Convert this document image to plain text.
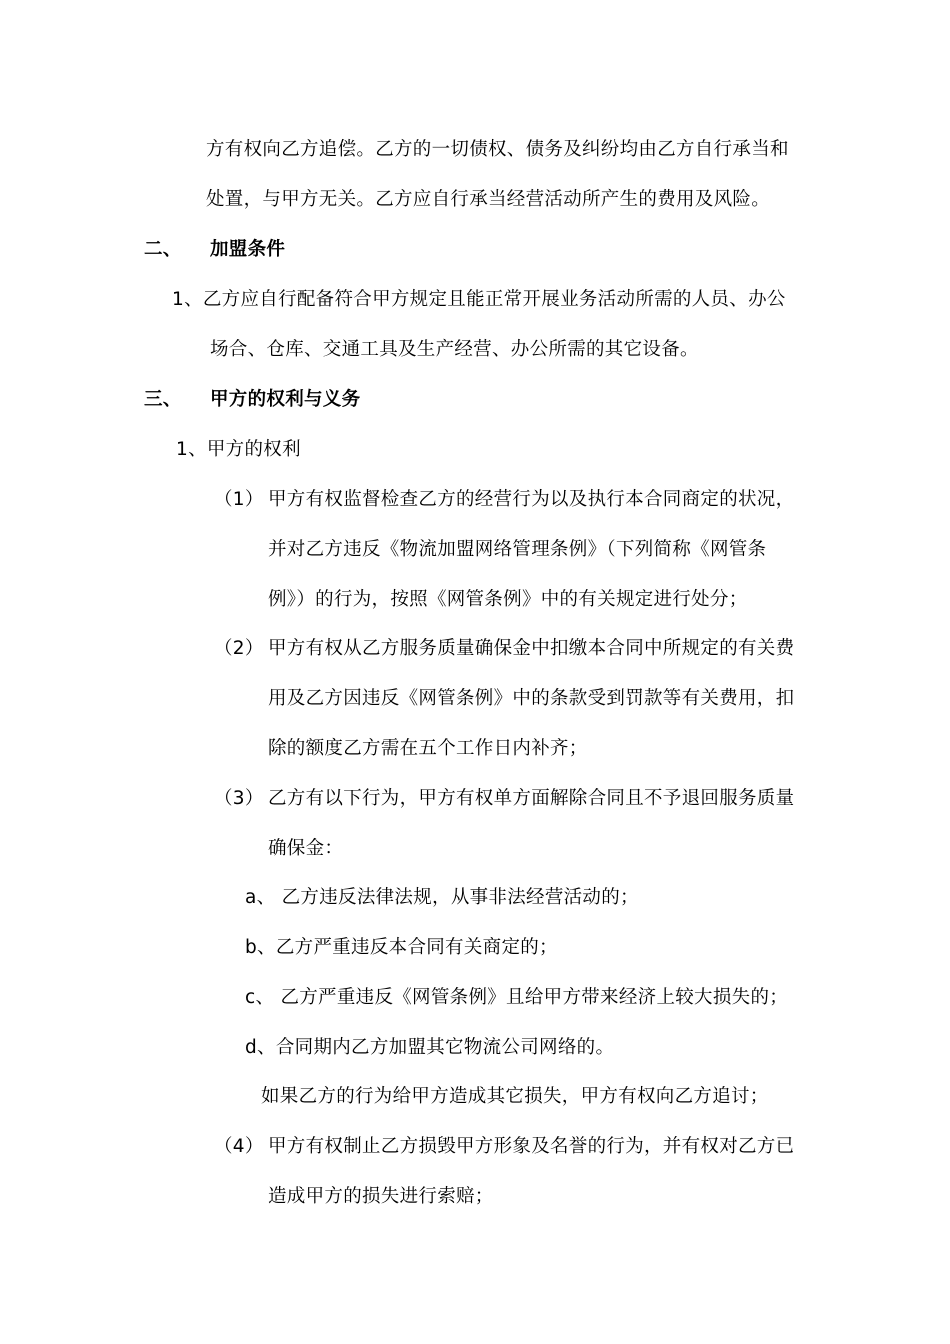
方有权向乙方追偿。乙方的一切债权、债务及纠纷均由乙方自行承当和
处置，与甲方无关。乙方应自行承当经营活动所产生的费用及风险。
二、 加盟条件
1、乙方应自行配备符合甲方规定且能正常开展业务活动所需的人员、办公
场合、仓库、交通工具及生产经营、办公所需的其它设备。
三、 甲方的权利与义务
1、甲方的权利
（1） 甲方有权监督检查乙方的经营行为以及执行本合同商定的状况，
并对乙方违反《物流加盟网络管理条例》（下列简称《网管条
例》）的行为，按照《网管条例》中的有关规定进行处分；
（2） 甲方有权从乙方服务质量确保金中扣缴本合同中所规定的有关费
用及乙方因违反《网管条例》中的条款受到罚款等有关费用，扣
除的额度乙方需在五个工作日内补齐；
（3） 乙方有以下行为，甲方有权单方面解除合同且不予退回服务质量
确保金：
a、 乙方违反法律法规，从事非法经营活动的；
b、乙方严重违反本合同有关商定的；
c、 乙方严重违反《网管条例》且给甲方带来经济上较大损失的；
d、合同期内乙方加盟其它物流公司网络的。
如果乙方的行为给甲方造成其它损失，甲方有权向乙方追讨；
（4） 甲方有权制止乙方损毁甲方形象及名誉的行为，并有权对乙方已
造成甲方的损失进行索赔；
